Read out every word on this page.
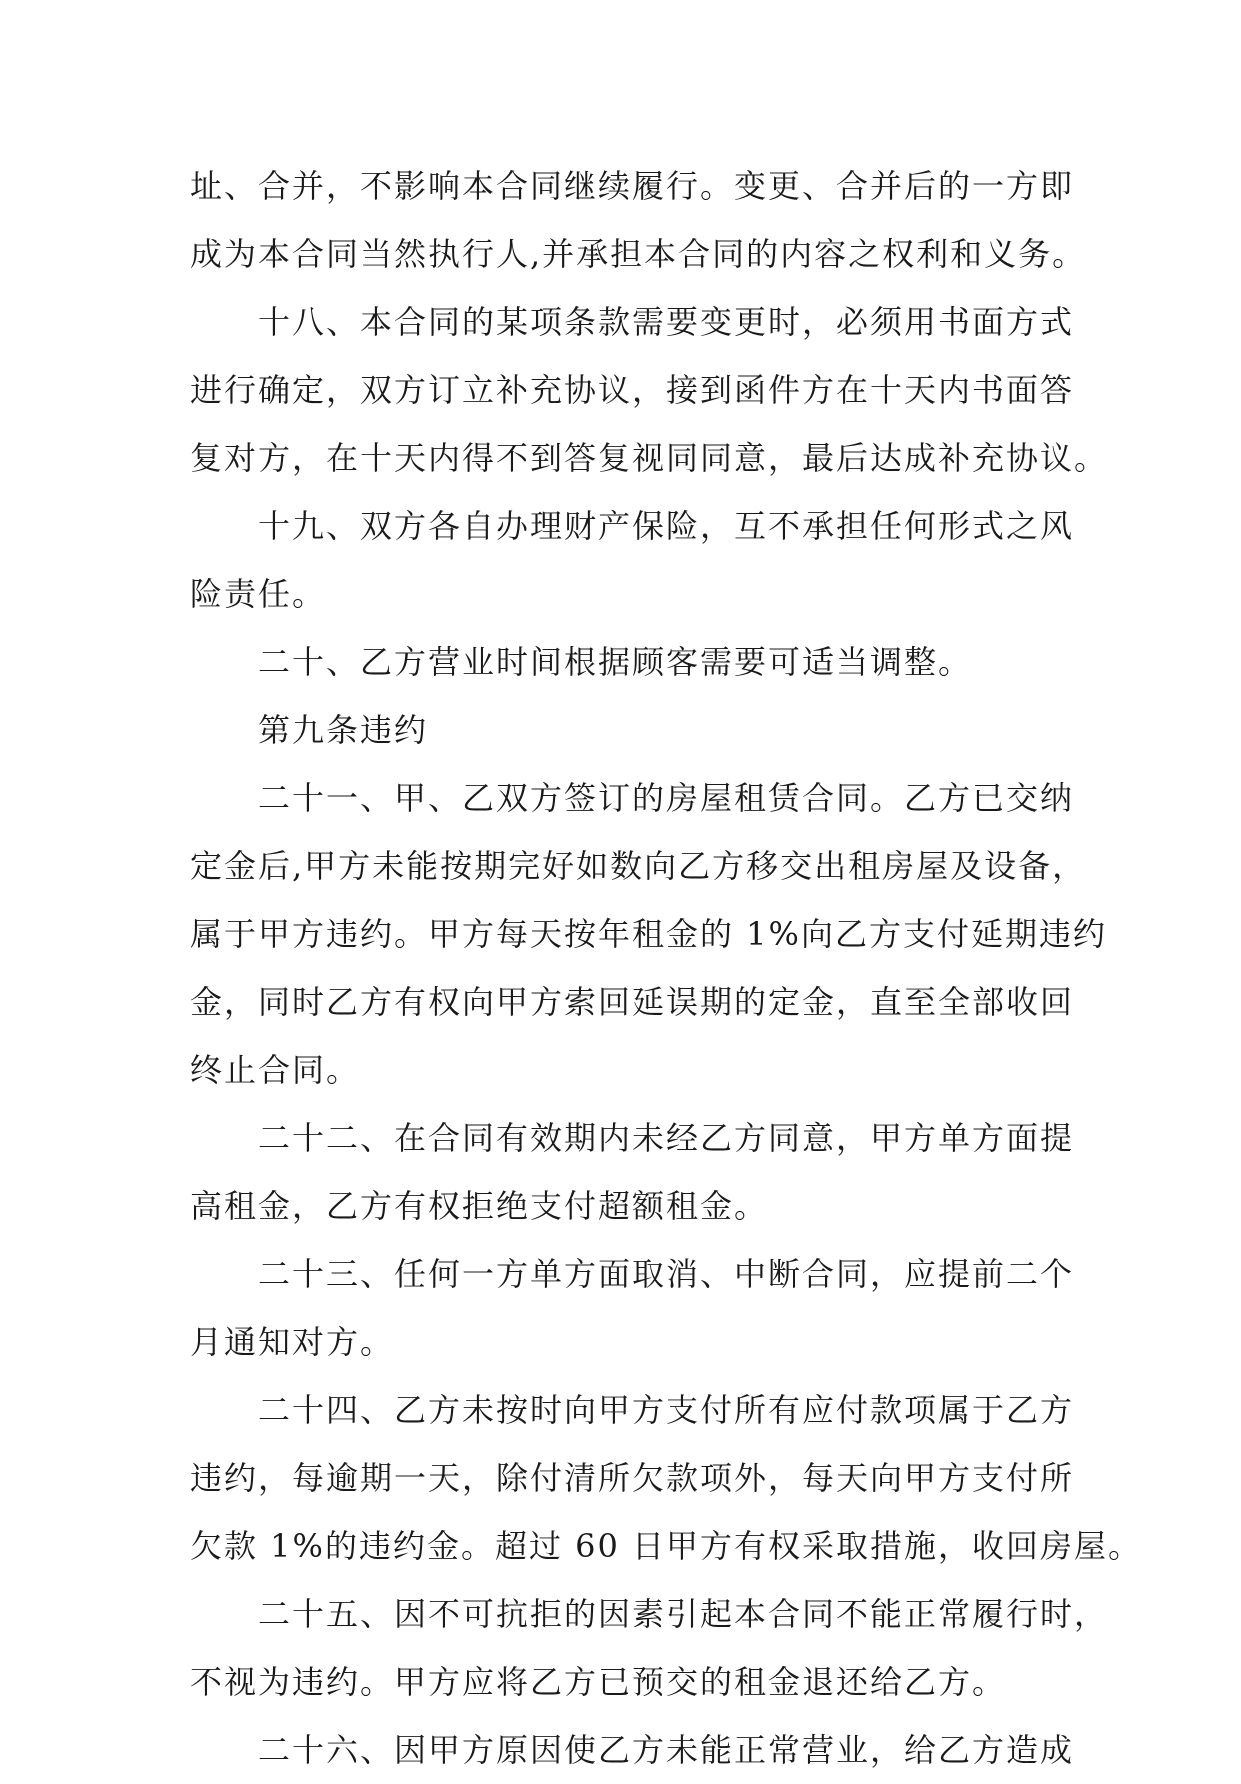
址、合并，不影响本合同继续履行。变更、合并后的一方即
成为本合同当然执行人,并承担本合同的内容之权利和义务。
十八、本合同的某项条款需要变更时，必须用书面方式
进行确定，双方订立补充协议，接到函件方在十天内书面答
复对方，在十天内得不到答复视同同意，最后达成补充协议。
十九、双方各自办理财产保险，互不承担任何形式之风
险责任。
二十、乙方营业时间根据顾客需要可适当调整。
第九条违约
二十一、甲、乙双方签订的房屋租赁合同。乙方已交纳
定金后,甲方未能按期完好如数向乙方移交出租房屋及设备，
属于甲方违约。甲方每天按年租金的 1%向乙方支付延期违约
金，同时乙方有权向甲方索回延误期的定金，直至全部收回
终止合同。
二十二、在合同有效期内未经乙方同意，甲方单方面提
高租金，乙方有权拒绝支付超额租金。
二十三、任何一方单方面取消、中断合同，应提前二个
月通知对方。
二十四、乙方未按时向甲方支付所有应付款项属于乙方
违约，每逾期一天，除付清所欠款项外，每天向甲方支付所
欠款 1%的违约金。超过 60 日甲方有权采取措施，收回房屋。
二十五、因不可抗拒的因素引起本合同不能正常履行时，
不视为违约。甲方应将乙方已预交的租金退还给乙方。
二十六、因甲方原因使乙方未能正常营业，给乙方造成
